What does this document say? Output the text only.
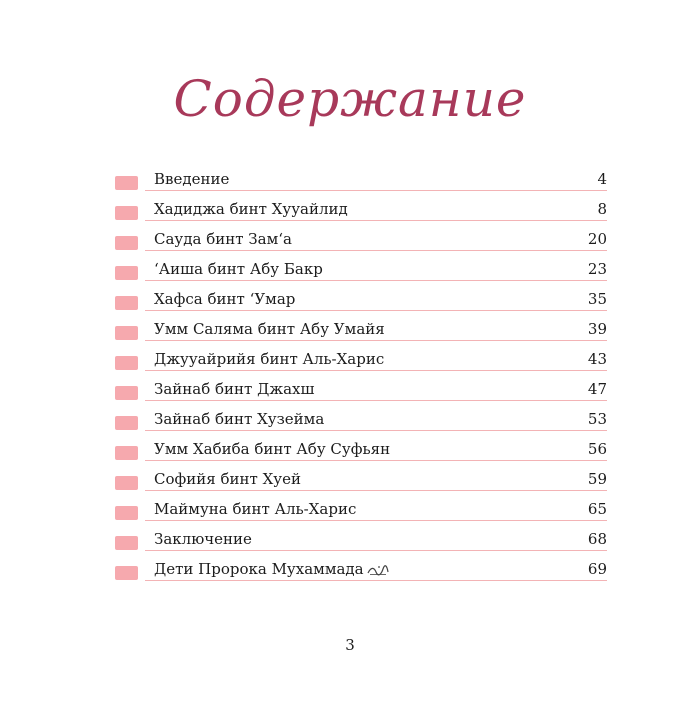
Содержание
Введение	4
Хадиджа бинт Хууайлид	8
Сауда бинт Зам‘а	20
‘Аиша бинт Абу Бакр	23
Хафса бинт ‘Умар	35
Умм Саляма бинт Абу Умайя	39
Джууайрийя бинт Аль-Харис	43
Зайнаб бинт Джахш	47
Зайнаб бинт Хузейма	53
Умм Хабиба бинт Абу Суфьян	56
Софийя бинт Хуей	59
Маймуна бинт Аль-Харис	65
Заключение	68
Дети Пророка Мухаммада	69
3
